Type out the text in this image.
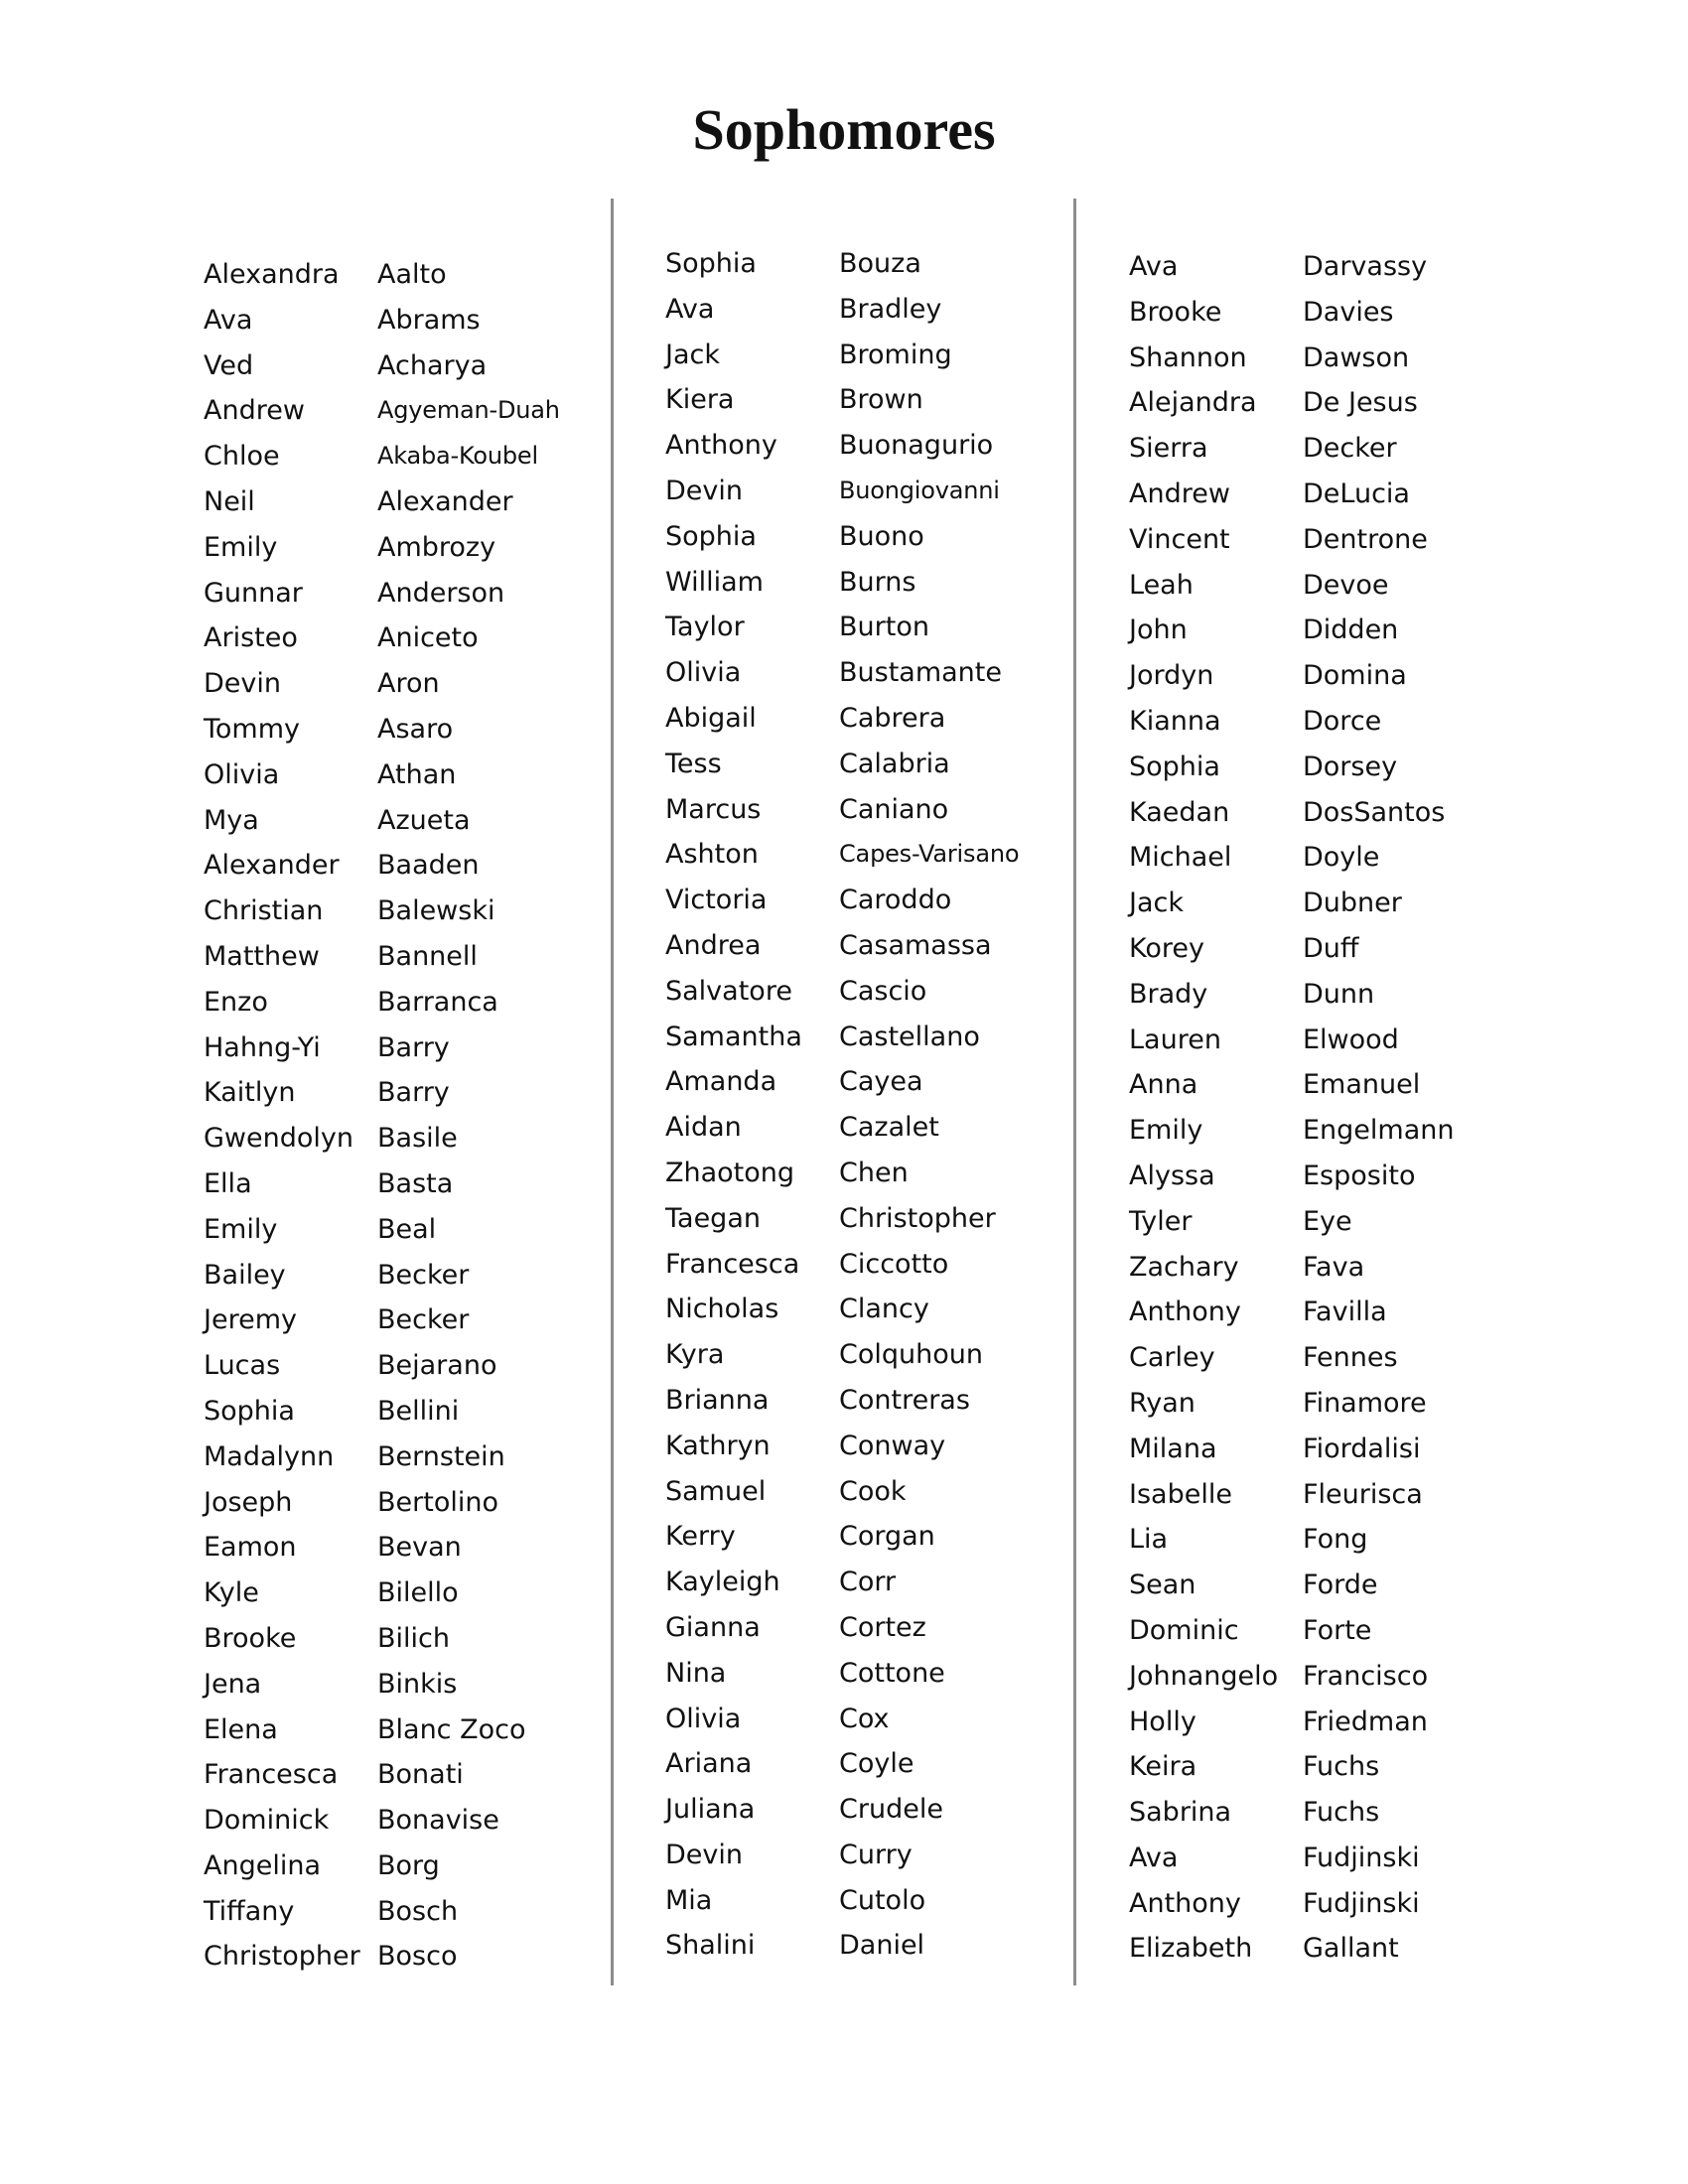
Sophomores
Alexandra
Ava
Ved
Andrew
Chloe
Neil
Emily
Gunnar
Aristeo
Devin
Tommy
Olivia
Mya
Alexander
Christian
Matthew
Enzo
Hahng-Yi
Kaitlyn
Gwendolyn
Ella
Emily
Bailey
Jeremy
Lucas
Sophia
Madalynn
Joseph
Eamon
Kyle
Brooke
Jena
Elena
Francesca
Dominick
Angelina
Tiffany
Christopher
Aalto
Abrams
Acharya
Agyeman-Duah
Akaba-Koubel
Alexander
Ambrozy
Anderson
Aniceto
Aron
Asaro
Athan
Azueta
Baaden
Balewski
Bannell
Barranca
Barry
Barry
Basile
Basta
Beal
Becker
Becker
Bejarano
Bellini
Bernstein
Bertolino
Bevan
Bilello
Bilich
Binkis
Blanc Zoco
Bonati
Bonavise
Borg
Bosch
Bosco
Sophia
Ava
Jack
Kiera
Anthony
Devin
Sophia
William
Taylor
Olivia
Abigail
Tess
Marcus
Ashton
Victoria
Andrea
Salvatore
Samantha
Amanda
Aidan
Zhaotong
Taegan
Francesca
Nicholas
Kyra
Brianna
Kathryn
Samuel
Kerry
Kayleigh
Gianna
Nina
Olivia
Ariana
Juliana
Devin
Mia
Shalini
Bouza
Bradley
Broming
Brown
Buonagurio
Buongiovanni
Buono
Burns
Burton
Bustamante
Cabrera
Calabria
Caniano
Capes-Varisano
Caroddo
Casamassa
Cascio
Castellano
Cayea
Cazalet
Chen
Christopher
Ciccotto
Clancy
Colquhoun
Contreras
Conway
Cook
Corgan
Corr
Cortez
Cottone
Cox
Coyle
Crudele
Curry
Cutolo
Daniel
Ava
Brooke
Shannon
Alejandra
Sierra
Andrew
Vincent
Leah
John
Jordyn
Kianna
Sophia
Kaedan
Michael
Jack
Korey
Brady
Lauren
Anna
Emily
Alyssa
Tyler
Zachary
Anthony
Carley
Ryan
Milana
Isabelle
Lia
Sean
Dominic
Johnangelo
Holly
Keira
Sabrina
Ava
Anthony
Elizabeth
Darvassy
Davies
Dawson
De Jesus
Decker
DeLucia
Dentrone
Devoe
Didden
Domina
Dorce
Dorsey
DosSantos
Doyle
Dubner
Duff
Dunn
Elwood
Emanuel
Engelmann
Esposito
Eye
Fava
Favilla
Fennes
Finamore
Fiordalisi
Fleurisca
Fong
Forde
Forte
Francisco
Friedman
Fuchs
Fuchs
Fudjinski
Fudjinski
Gallant
